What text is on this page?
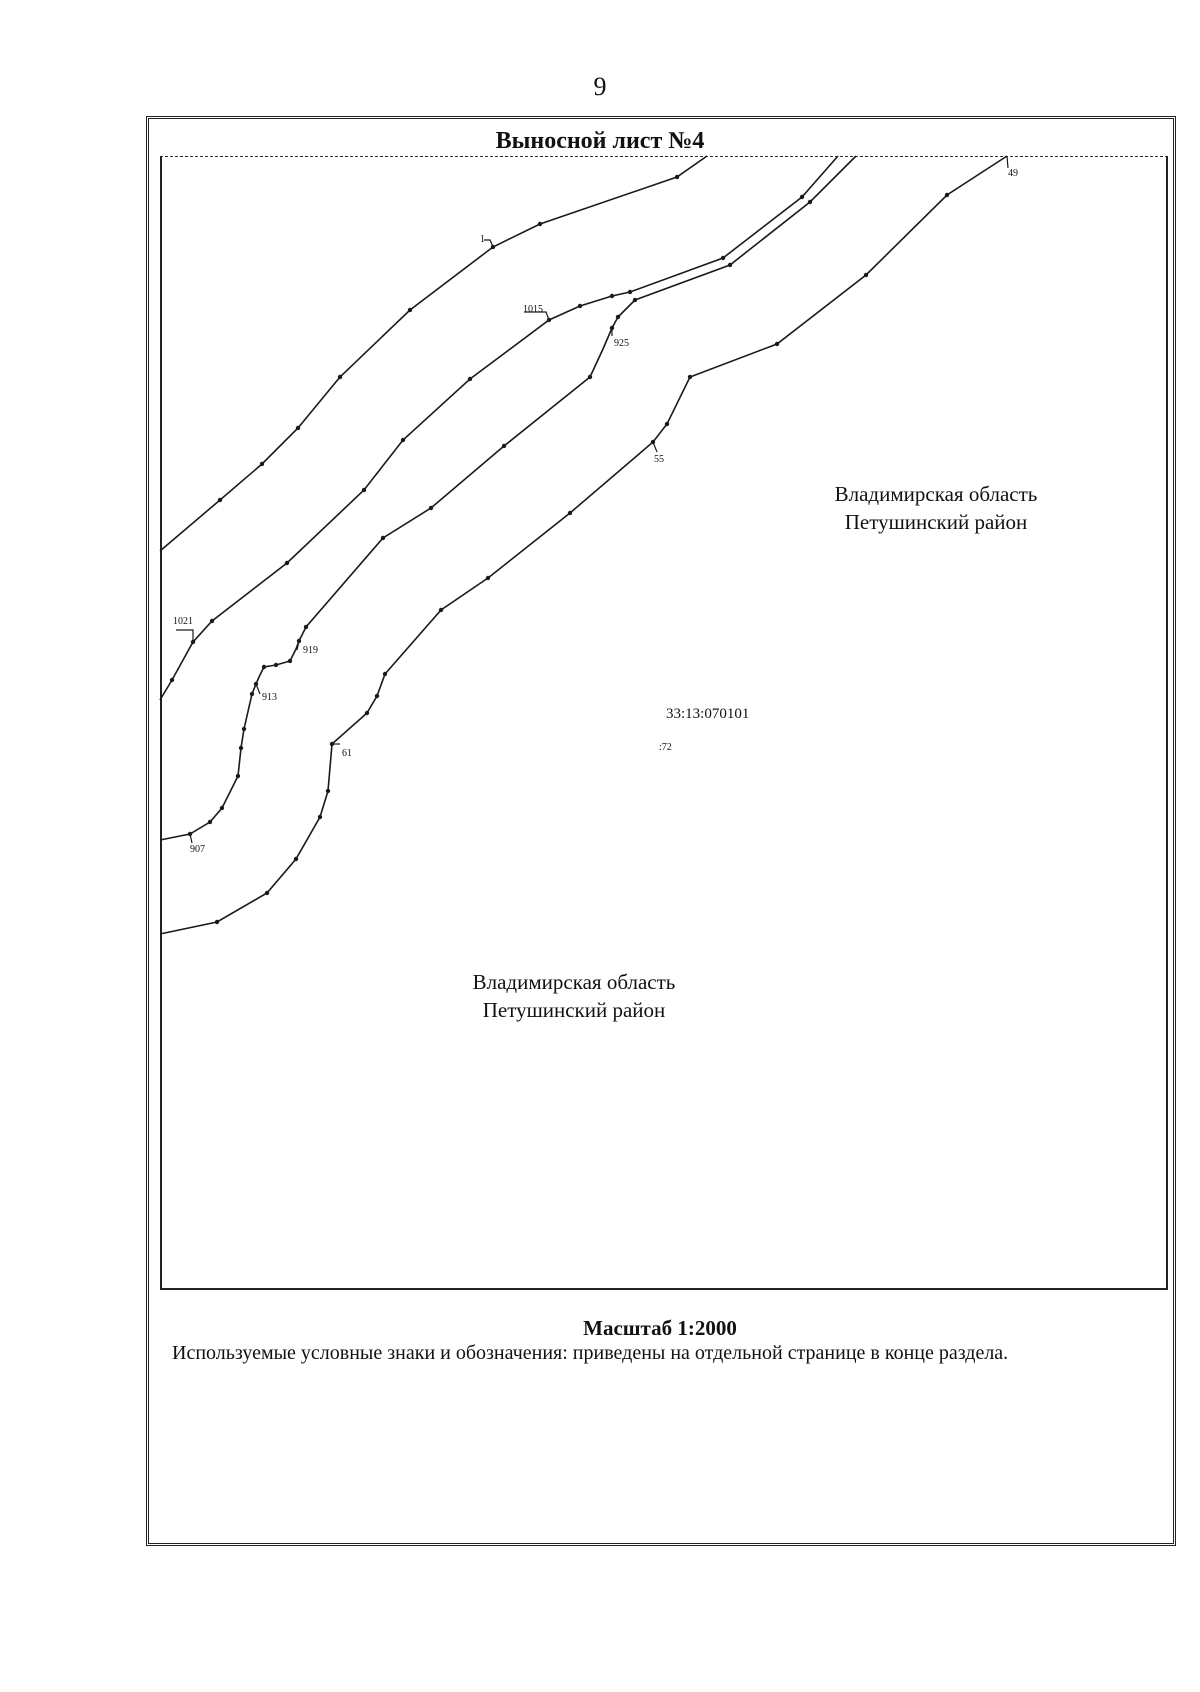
9
Выносной лист №4
1
1015
925
49
55
1021
919
913
61
907
Владимирская область
Петушинский район
Владимирская область
Петушинский район
33:13:070101
:72
Масштаб 1:2000
Используемые условные знаки и обозначения: приведены на отдельной странице в конце раздела.
